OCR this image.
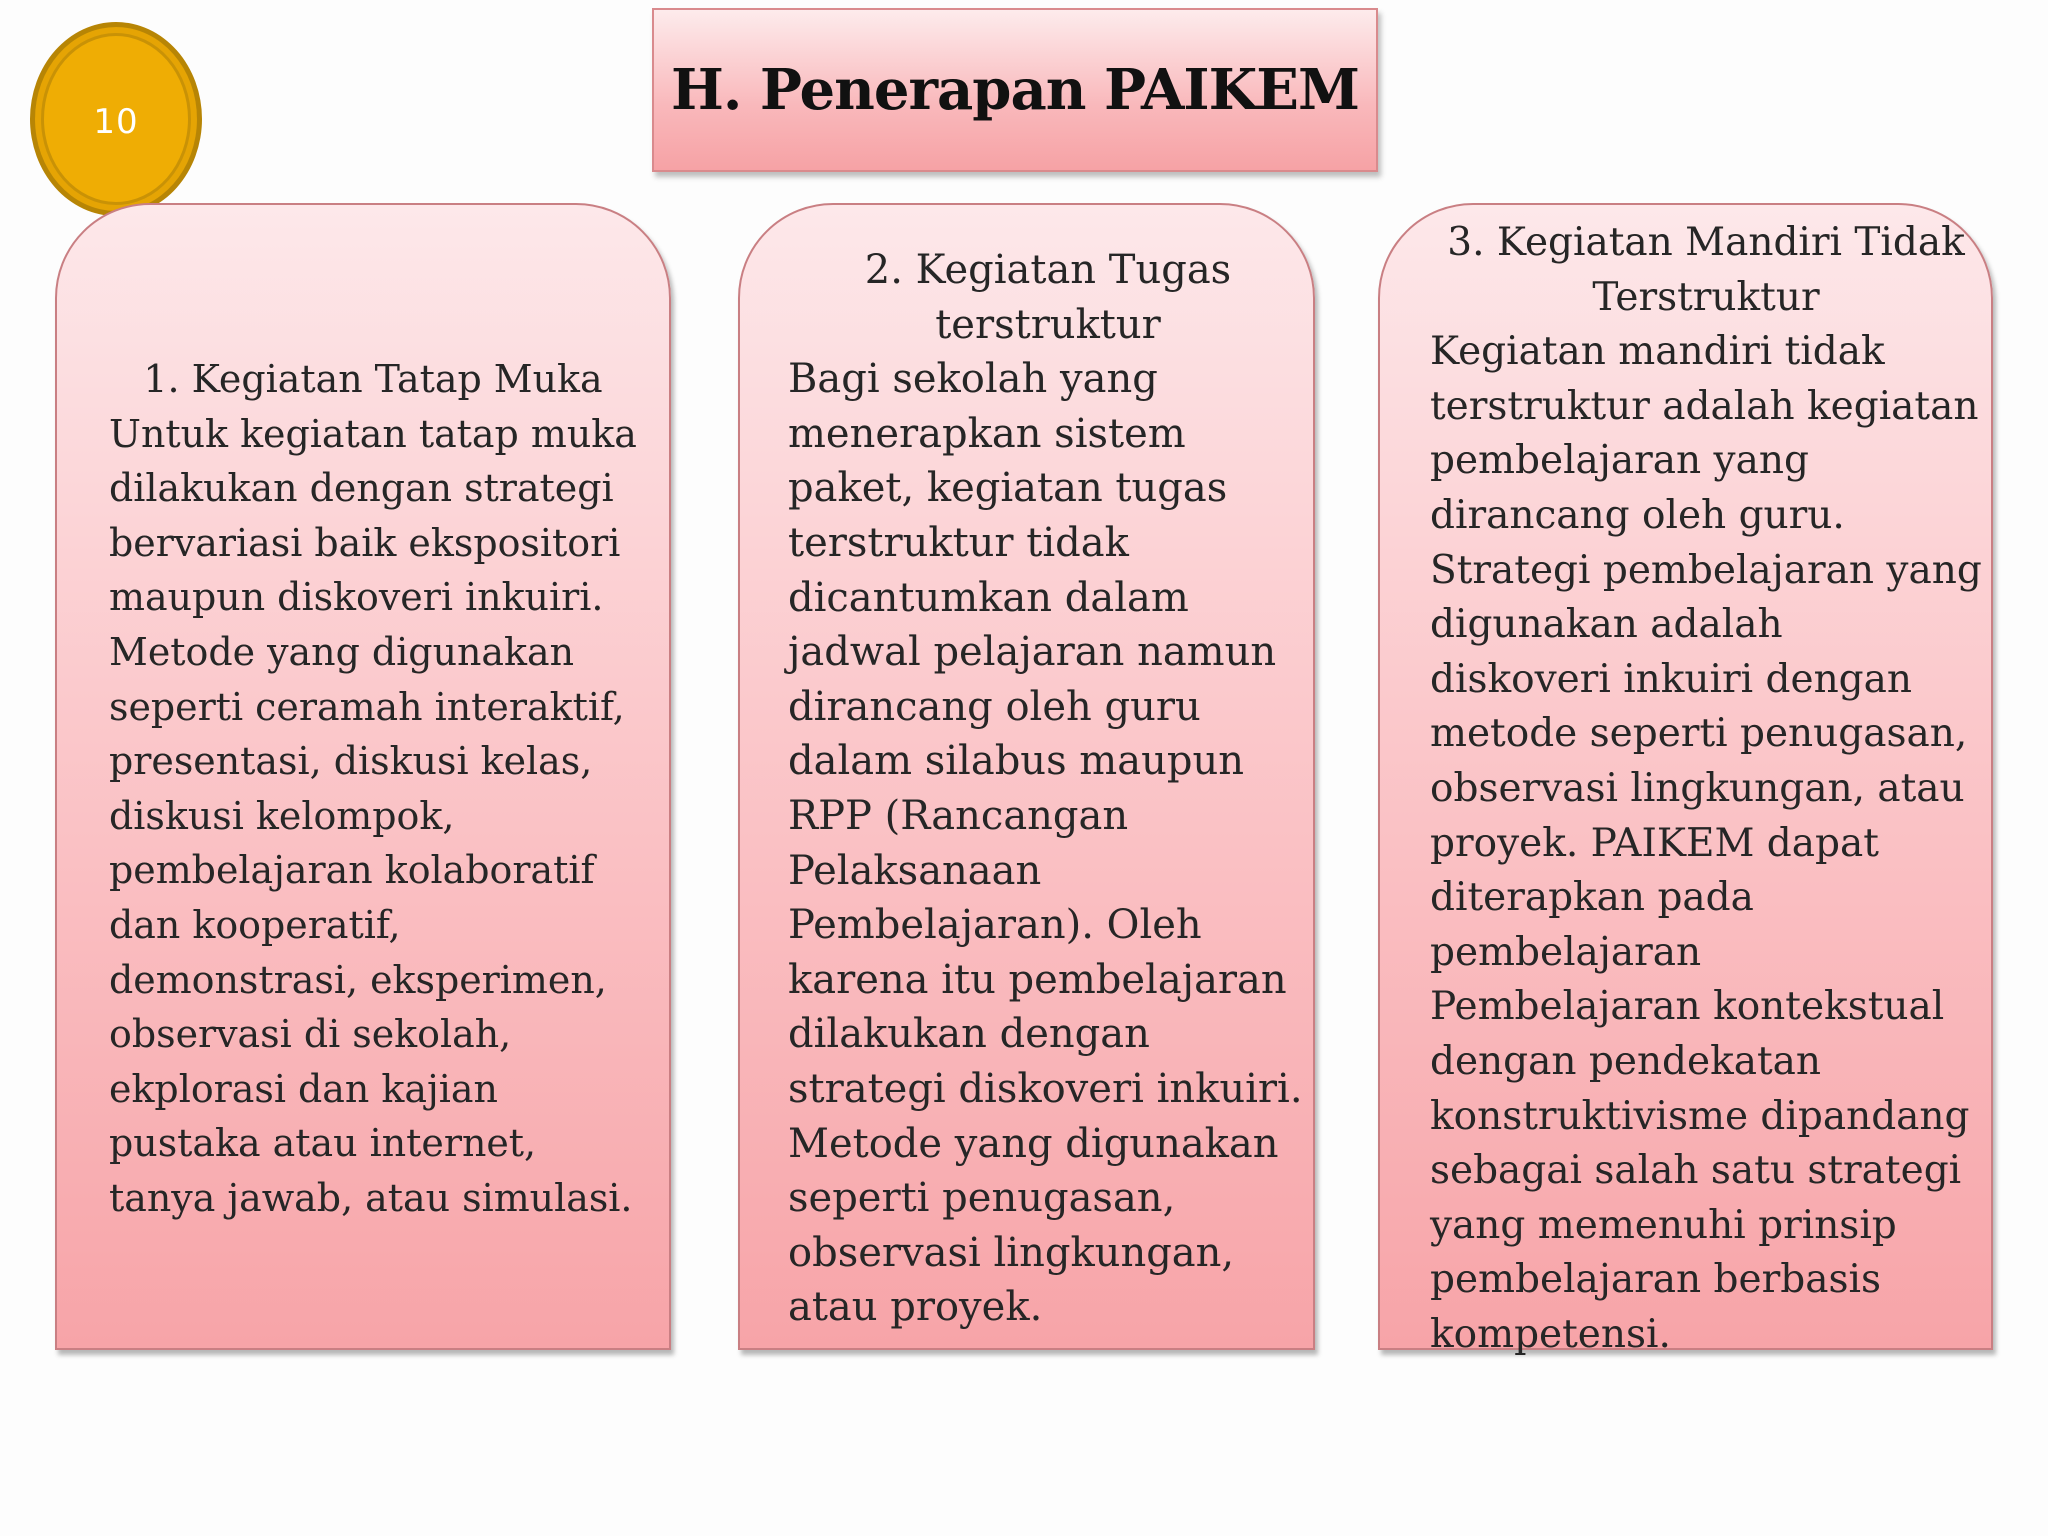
10	H. Penerapan PAIKEM
1. Kegiatan Tatap Muka
Untuk kegiatan tatap muka
dilakukan dengan strategi
bervariasi baik ekspositori
maupun diskoveri inkuiri.
Metode yang digunakan
seperti ceramah interaktif,
presentasi, diskusi kelas,
diskusi kelompok,
pembelajaran kolaboratif
dan kooperatif,
demonstrasi, eksperimen,
observasi di sekolah,
ekplorasi dan kajian
pustaka atau internet,
tanya jawab, atau simulasi.
2. Kegiatan Tugas
terstruktur
Bagi sekolah yang
menerapkan sistem
paket, kegiatan tugas
terstruktur tidak
dicantumkan dalam
jadwal pelajaran namun
dirancang oleh guru
dalam silabus maupun
RPP (Rancangan
Pelaksanaan
Pembelajaran). Oleh
karena itu pembelajaran
dilakukan dengan
strategi diskoveri inkuiri.
Metode yang digunakan
seperti penugasan,
observasi lingkungan,
atau proyek.
3. Kegiatan Mandiri Tidak
Terstruktur
Kegiatan mandiri tidak
terstruktur adalah kegiatan
pembelajaran yang
dirancang oleh guru.
Strategi pembelajaran yang
digunakan adalah
diskoveri inkuiri dengan
metode seperti penugasan,
observasi lingkungan, atau
proyek. PAIKEM dapat
diterapkan pada
pembelajaran
Pembelajaran kontekstual
dengan pendekatan
konstruktivisme dipandang
sebagai salah satu strategi
yang memenuhi prinsip
pembelajaran berbasis
kompetensi.
